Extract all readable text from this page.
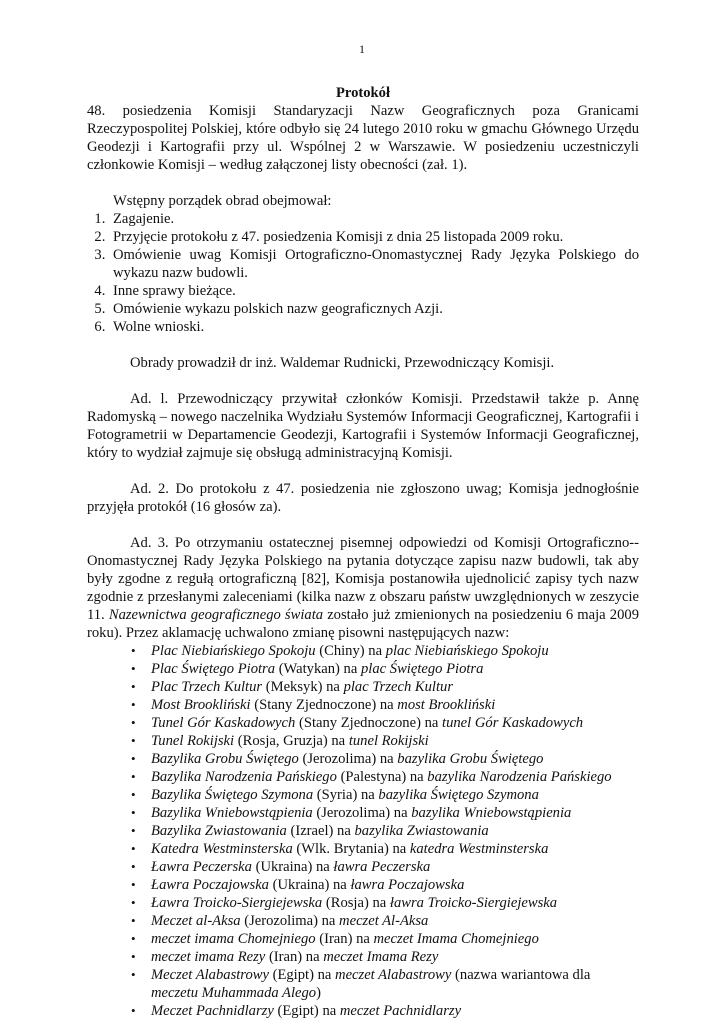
1
Protokół

48. posiedzenia Komisji Standaryzacji Nazw Geograficznych poza Granicami Rzeczypospolitej Polskiej, które odbyło się 24 lutego 2010 roku w gmachu Głównego Urzędu Geodezji i Kartografii przy ul. Wspólnej 2 w Warszawie. W posiedzeniu uczestniczyli członkowie Komisji – według załączonej listy obecności (zał. 1).

Wstępny porządek obrad obejmował:

1. Zagajenie.
2. Przyjęcie protokołu z 47. posiedzenia Komisji z dnia 25 listopada 2009 roku.
3. Omówienie uwag Komisji Ortograficzno-Onomastycznej Rady Języka Polskiego do wykazu nazw budowli.
4. Inne sprawy bieżące.
5. Omówienie wykazu polskich nazw geograficznych Azji.
6. Wolne wnioski.

Obrady prowadził dr inż. Waldemar Rudnicki, Przewodniczący Komisji.

Ad. l. Przewodniczący przywitał członków Komisji. Przedstawił także p. Annę Radomyską – nowego naczelnika Wydziału Systemów Informacji Geograficznej, Kartografii i Fotogrametrii w Departamencie Geodezji, Kartografii i Systemów Informacji Geograficznej, który to wydział zajmuje się obsługą administracyjną Komisji.

Ad. 2. Do protokołu z 47. posiedzenia nie zgłoszono uwag; Komisja jednogłośnie przyjęła protokół (16 głosów za).

Ad. 3. Po otrzymaniu ostatecznej pisemnej odpowiedzi od Komisji Ortograficzno--Onomastycznej Rady Języka Polskiego na pytania dotyczące zapisu nazw budowli, tak aby były zgodne z regułą ortograficzną [82], Komisja postanowiła ujednolicić zapisy tych nazw zgodnie z przesłanymi zaleceniami (kilka nazw z obszaru państw uwzględnionych w zeszycie 11. Nazewnictwa geograficznego świata zostało już zmienionych na posiedzeniu 6 maja 2009 roku). Przez aklamację uchwalono zmianę pisowni następujących nazw:

• Plac Niebiańskiego Spokoju (Chiny) na plac Niebiańskiego Spokoju
• Plac Świętego Piotra (Watykan) na plac Świętego Piotra
• Plac Trzech Kultur (Meksyk) na plac Trzech Kultur
• Most Brookliński (Stany Zjednoczone) na most Brookliński
• Tunel Gór Kaskadowych (Stany Zjednoczone) na tunel Gór Kaskadowych
• Tunel Rokijski (Rosja, Gruzja) na tunel Rokijski
• Bazylika Grobu Świętego (Jerozolima) na bazylika Grobu Świętego
• Bazylika Narodzenia Pańskiego (Palestyna) na bazylika Narodzenia Pańskiego
• Bazylika Świętego Szymona (Syria) na bazylika Świętego Szymona
• Bazylika Wniebowstąpienia (Jerozolima) na bazylika Wniebowstąpienia
• Bazylika Zwiastowania (Izrael) na bazylika Zwiastowania
• Katedra Westminsterska (Wlk. Brytania) na katedra Westminsterska
• Ławra Peczerska (Ukraina) na ławra Peczerska
• Ławra Poczajowska (Ukraina) na ławra Poczajowska
• Ławra Troicko-Siergiejewska (Rosja) na ławra Troicko-Siergiejewska
• Meczet al-Aksa (Jerozolima) na meczet Al-Aksa
• meczet imama Chomejniego (Iran) na meczet Imama Chomejniego
• meczet imama Rezy (Iran) na meczet Imama Rezy
• Meczet Alabastrowy (Egipt) na meczet Alabastrowy (nazwa wariantowa dla meczetu Muhammada Alego)
• Meczet Pachnidlarzy (Egipt) na meczet Pachnidlarzy
